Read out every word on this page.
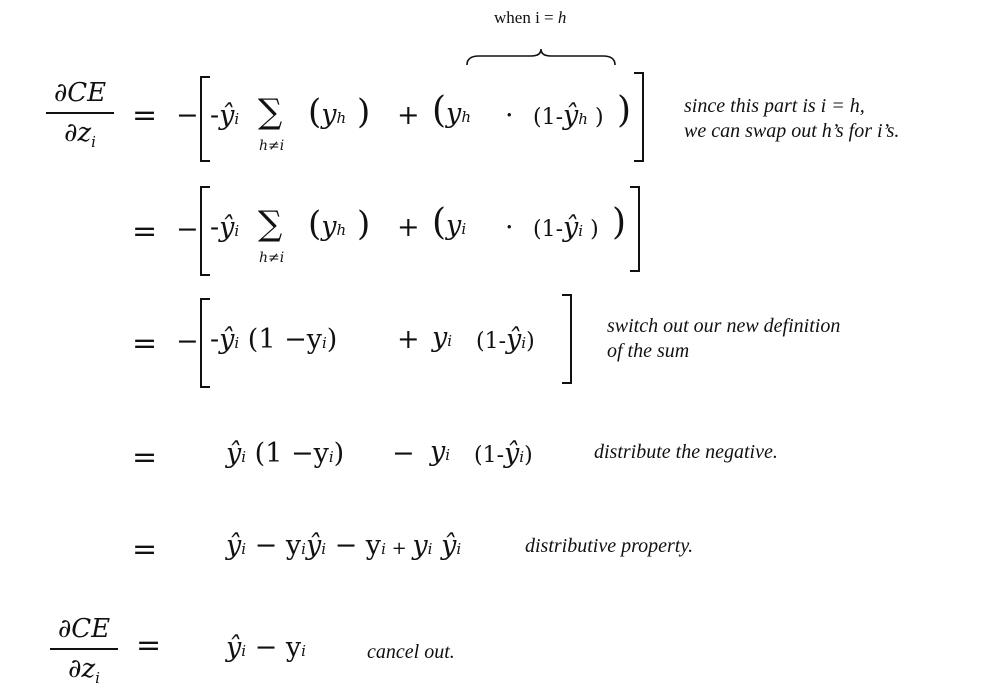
when i = h
∂CE
$\partial z_i$
= − -ŷi ∑
h≠i
(yh ) + (yh · (1-ŷh ) )	since this part is i = h,
we can swap out h’s for i’s.
= − -ŷi ∑
h≠i
(yh ) + (yi · (1-ŷi ) )
= − -ŷi (1 −yi) + yi (1-ŷi)
switch out our new definition
of the sum
=	ŷi (1 −yi) − yi (1-ŷi)	distribute the negative.
=	ŷi − yiŷi − yi + yi ŷi	distributive property.
∂CE
$\partial z_i$
= ŷi − yi	cancel out.
